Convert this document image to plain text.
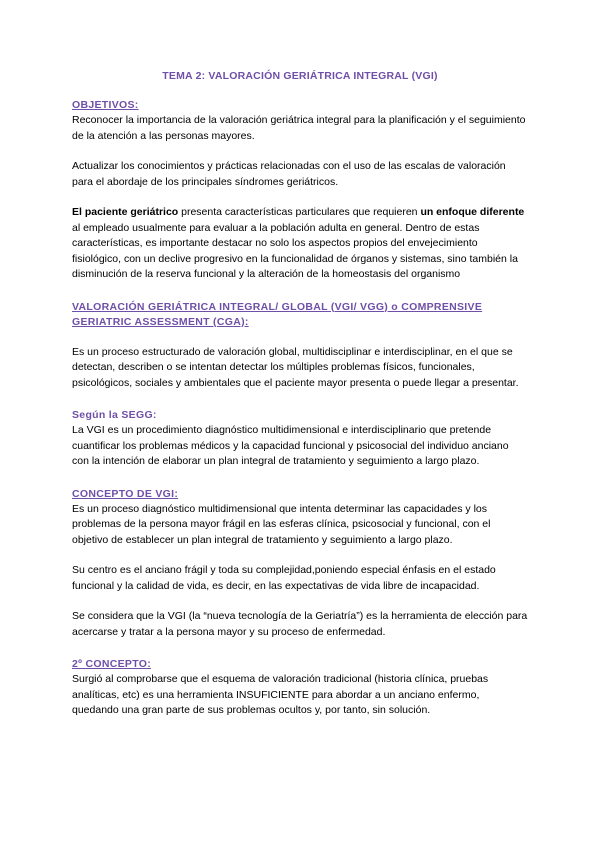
TEMA 2: VALORACIÓN GERIÁTRICA INTEGRAL (VGI)
OBJETIVOS:

Reconocer la importancia de la valoración geriátrica integral para la planificación y el seguimiento de la atención a las personas mayores.

Actualizar los conocimientos y prácticas relacionadas con el uso de las escalas de valoración para el abordaje de los principales síndromes geriátricos.

El paciente geriátrico presenta características particulares que requieren un enfoque diferente al empleado usualmente para evaluar a la población adulta en general. Dentro de estas características, es importante destacar no solo los aspectos propios del envejecimiento fisiológico, con un declive progresivo en la funcionalidad de órganos y sistemas, sino también la disminución de la reserva funcional y la alteración de la homeostasis del organismo

VALORACIÓN GERIÁTRICA INTEGRAL/ GLOBAL (VGI/ VGG) o COMPRENSIVE GERIATRIC ASSESSMENT (CGA):

Es un proceso estructurado de valoración global, multidisciplinar e interdisciplinar, en el que se detectan, describen o se intentan detectar los múltiples problemas físicos, funcionales, psicológicos, sociales y ambientales que el paciente mayor presenta o puede llegar a presentar.

Según la SEGG:

La VGI es un procedimiento diagnóstico multidimensional e interdisciplinario que pretende cuantificar los problemas médicos y la capacidad funcional y psicosocial del individuo anciano con la intención de elaborar un plan integral de tratamiento y seguimiento a largo plazo.

CONCEPTO DE VGI:

Es un proceso diagnóstico multidimensional que intenta determinar las capacidades y los problemas de la persona mayor frágil en las esferas clínica, psicosocial y funcional, con el objetivo de establecer un plan integral de tratamiento y seguimiento a largo plazo.

Su centro es el anciano frágil y toda su complejidad,poniendo especial énfasis en el estado funcional y la calidad de vida, es decir, en las expectativas de vida libre de incapacidad.

Se considera que la VGI (la “nueva tecnología de la Geriatría”) es la herramienta de elección para acercarse y tratar a la persona mayor y su proceso de enfermedad.

2º CONCEPTO:

Surgió al comprobarse que el esquema de valoración tradicional (historia clínica, pruebas analíticas, etc) es una herramienta INSUFICIENTE para abordar a un anciano enfermo, quedando una gran parte de sus problemas ocultos y, por tanto, sin solución.
